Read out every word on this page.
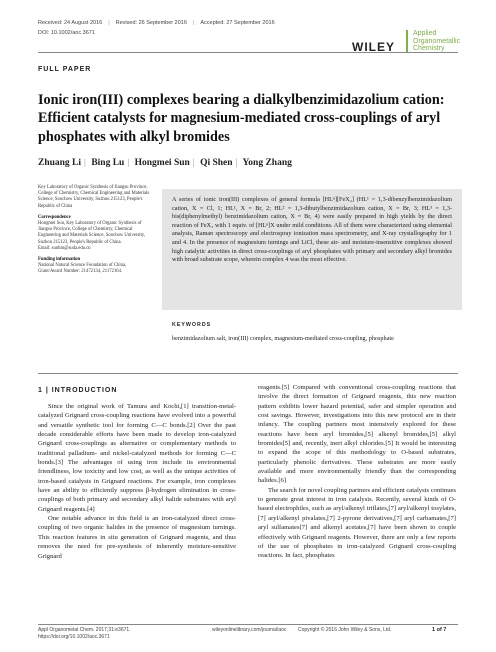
Received: 24 August 2016 | Revised: 26 September 2016 | Accepted: 27 September 2016
DOI: 10.1002/aoc.3671
WILEY
Applied
Organometallic
Chemistry
FULL PAPER
Ionic iron(III) complexes bearing a dialkylbenzimidazolium cation: Efficient catalysts for magnesium-mediated cross-couplings of aryl phosphates with alkyl bromides
Zhuang Li | Bing Lu | Hongmei Sun | Qi Shen | Yong Zhang
Key Laboratory of Organic Synthesis of Jiangsu Province, College of Chemistry, Chemical Engineering and Materials Science, Soochow University, Suzhou 215123, People's Republic of China
Correspondence
Hongmei Sun, Key Laboratory of Organic Synthesis of Jiangsu Province, College of Chemistry, Chemical Engineering and Materials Science, Soochow University, Suzhou 215123, People's Republic of China.
Email: sunhm@suda.edu.cn
Funding information
National Natural Science Foundation of China, Grant/Award Number: 21472134, 21172164.
A series of ionic iron(III) complexes of general formula [HLⁿ][FeX₄] (HL¹ = 1,3-dibenzylbenzimidazolium cation, X = Cl, 1; HL¹, X = Br, 2; HL² = 1,3-dibutylbenzimidazolium cation, X = Br, 3; HL³ = 1,3-bis(diphenylmethyl) benzimidazolium cation, X = Br, 4) were easily prepared in high yields by the direct reaction of FeX₃ with 1 equiv. of [HLⁿ]X under mild conditions. All of them were characterized using elemental analysis, Raman spectroscopy and electrospray ionization mass spectrometry, and X-ray crystallography for 1 and 4. In the presence of magnesium turnings and LiCl, these air- and moisture-insensitive complexes showed high catalytic activities in direct cross-couplings of aryl phosphates with primary and secondary alkyl bromides with broad substrate scope, wherein complex 4 was the most effective.
KEYWORDS
benzimidazolium salt, iron(III) complex, magnesium-mediated cross-coupling, phosphate
1 | INTRODUCTION

Since the original work of Tamura and Kochi,[1] transition-metal-catalyzed Grignard cross-coupling reactions have evolved into a powerful and versatile synthetic tool for forming C—C bonds.[2] Over the past decade considerable efforts have been made to develop iron-catalyzed Grignard cross-couplings as alternative or complementary methods to traditional palladium- and nickel-catalyzed methods for forming C—C bonds.[3] The advantages of using iron include its environmental friendliness, low toxicity and low cost, as well as the unique activities of iron-based catalysts in Grignard reactions. For example, iron complexes have an ability to efficiently suppress β-hydrogen elimination in cross-couplings of both primary and secondary alkyl halide substrates with aryl Grignard reagents.[4]

One notable advance in this field is an iron-catalyzed direct cross-coupling of two organic halides in the presence of magnesium turnings. This reaction features in situ generation of Grignard reagents, and thus removes the need for pre-synthesis of inherently moisture-sensitive Grignard

reagents.[5] Compared with conventional cross-coupling reactions that involve the direct formation of Grignard reagents, this new reaction pattern exhibits lower hazard potential, safer and simpler operation and cost savings. However, investigations into this new protocol are in their infancy. The coupling partners most intensively explored for these reactions have been aryl bromides,[5] alkenyl bromides,[5] alkyl bromides[5] and, recently, inert alkyl chlorides.[5] It would be interesting to expand the scope of this methodology to O-based substrates, particularly phenolic derivatives. These substrates are more easily available and more environmentally friendly than the corresponding halides.[6]

The search for novel coupling partners and efficient catalysts continues to generate great interest in iron catalysis. Recently, several kinds of O-based electrophiles, such as aryl/alkenyl triflates,[7] aryl/alkenyl tosylates,[7] aryl/alkenyl pivalates,[7] 2-pyrone derivatives,[7] aryl carbamates,[7] aryl sulfamates[7] and alkenyl acetates,[7] have been shown to couple effectively with Grignard reagents. However, there are only a few reports of the use of phosphates in iron-catalyzed Grignard cross-coupling reactions. In fact, phosphates

Appl Organometal Chem. 2017;31:e3671.
https://doi.org/10.1002/aoc.3671
wileyonlinelibrary.com/journal/aoc Copyright © 2016 John Wiley & Sons, Ltd.	1 of 7
